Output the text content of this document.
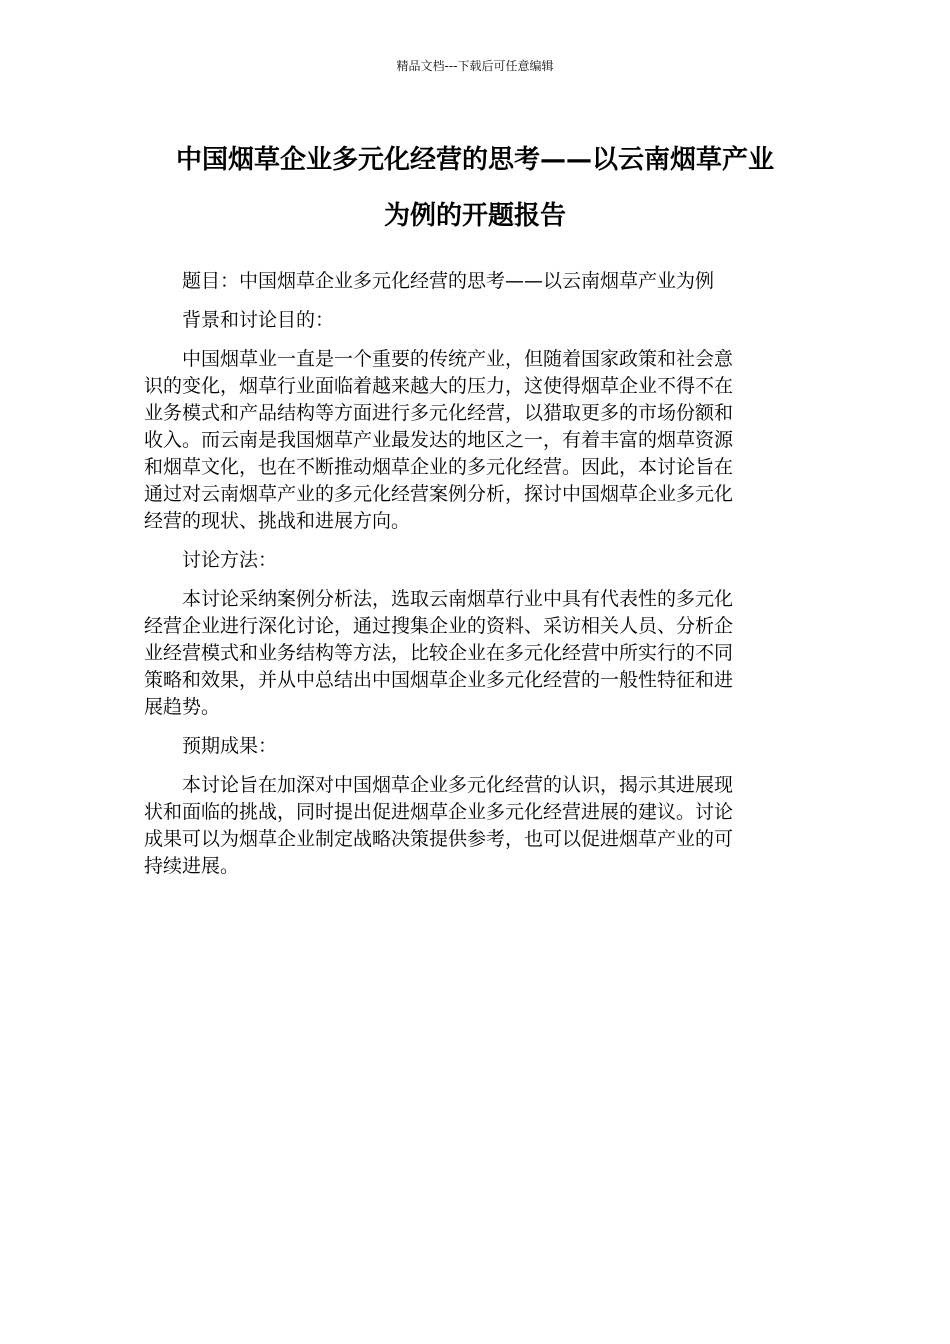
精品文档---下载后可任意编辑
中国烟草企业多元化经营的思考——以云南烟草产业
为例的开题报告

题目：中国烟草企业多元化经营的思考——以云南烟草产业为例

背景和讨论目的：

中国烟草业一直是一个重要的传统产业，但随着国家政策和社会意
识的变化，烟草行业面临着越来越大的压力，这使得烟草企业不得不在
业务模式和产品结构等方面进行多元化经营，以猎取更多的市场份额和
收入。而云南是我国烟草产业最发达的地区之一，有着丰富的烟草资源
和烟草文化，也在不断推动烟草企业的多元化经营。因此，本讨论旨在
通过对云南烟草产业的多元化经营案例分析，探讨中国烟草企业多元化
经营的现状、挑战和进展方向。

讨论方法：

本讨论采纳案例分析法，选取云南烟草行业中具有代表性的多元化
经营企业进行深化讨论，通过搜集企业的资料、采访相关人员、分析企
业经营模式和业务结构等方法，比较企业在多元化经营中所实行的不同
策略和效果，并从中总结出中国烟草企业多元化经营的一般性特征和进
展趋势。

预期成果：

本讨论旨在加深对中国烟草企业多元化经营的认识，揭示其进展现
状和面临的挑战，同时提出促进烟草企业多元化经营进展的建议。讨论
成果可以为烟草企业制定战略决策提供参考，也可以促进烟草产业的可
持续进展。
